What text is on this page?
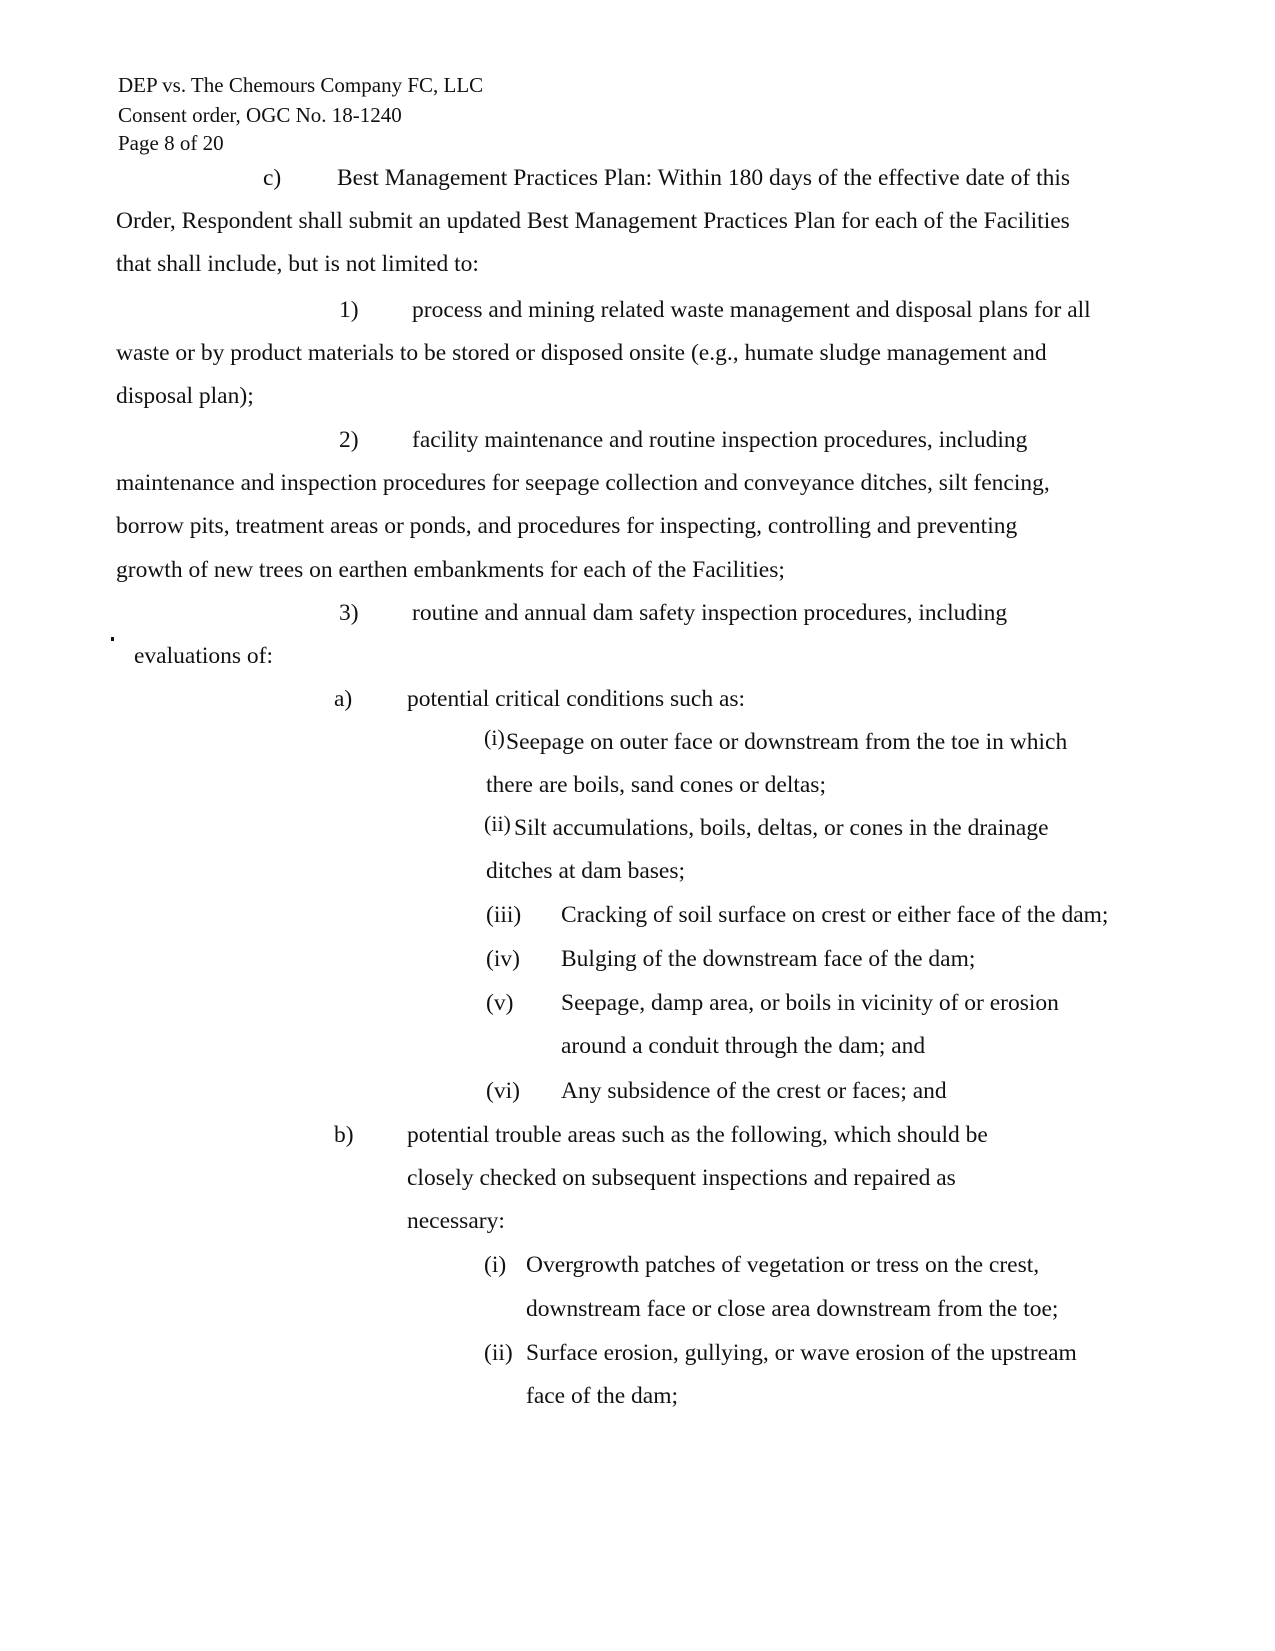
DEP vs. The Chemours Company FC, LLC
Consent order, OGC No. 18-1240
Page 8 of 20
c) Best Management Practices Plan: Within 180 days of the effective date of this
Order, Respondent shall submit an updated Best Management Practices Plan for each of the Facilities
that shall include, but is not limited to:
1) process and mining related waste management and disposal plans for all
waste or by product materials to be stored or disposed onsite (e.g., humate sludge management and
disposal plan);
2) facility maintenance and routine inspection procedures, including
maintenance and inspection procedures for seepage collection and conveyance ditches, silt fencing,
borrow pits, treatment areas or ponds, and procedures for inspecting, controlling and preventing
growth of new trees on earthen embankments for each of the Facilities;
3) routine and annual dam safety inspection procedures, including
evaluations of:
a) potential critical conditions such as:
(i) Seepage on outer face or downstream from the toe in which
there are boils, sand cones or deltas;
(ii) Silt accumulations, boils, deltas, or cones in the drainage
ditches at dam bases;
(iii) Cracking of soil surface on crest or either face of the dam;
(iv) Bulging of the downstream face of the dam;
(v) Seepage, damp area, or boils in vicinity of or erosion
around a conduit through the dam; and
(vi) Any subsidence of the crest or faces; and
b) potential trouble areas such as the following, which should be
closely checked on subsequent inspections and repaired as
necessary:
(i) Overgrowth patches of vegetation or tress on the crest,
downstream face or close area downstream from the toe;
(ii) Surface erosion, gullying, or wave erosion of the upstream
face of the dam;
